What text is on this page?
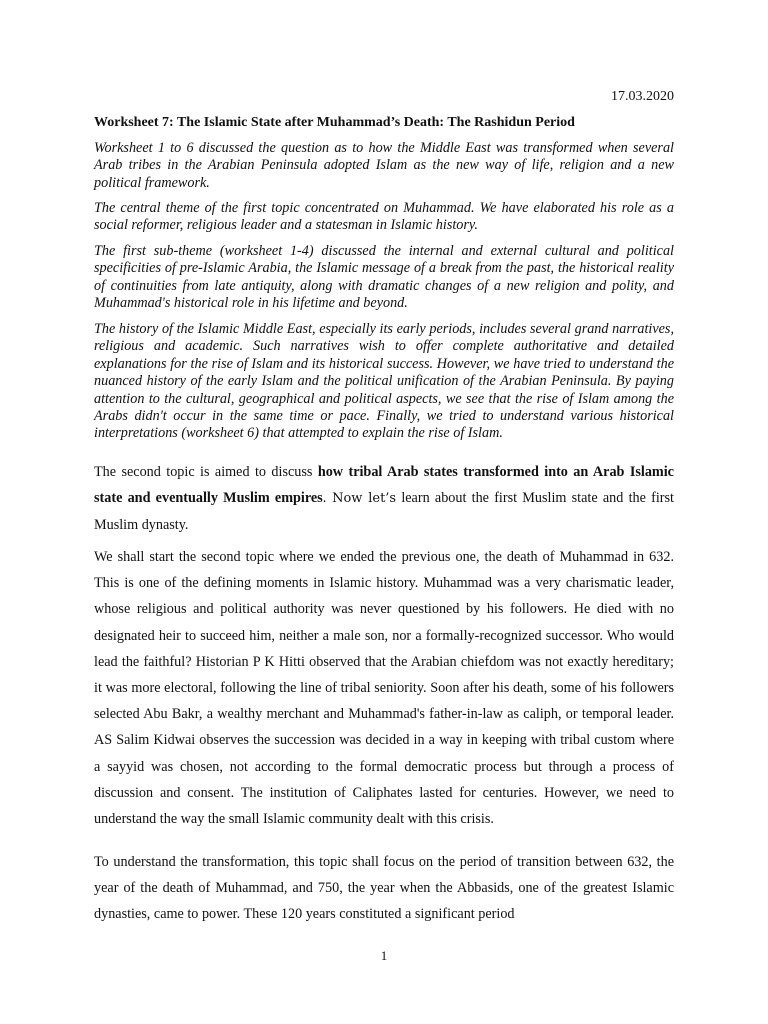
Worksheet 7: The Islamic State after Muhammad’s Death: The Rashidun Period

Worksheet 1 to 6 discussed the question as to how the Middle East was transformed when several Arab tribes in the Arabian Peninsula adopted Islam as the new way of life, religion and a new political framework.

The central theme of the first topic concentrated on Muhammad. We have elaborated his role as a social reformer, religious leader and a statesman in Islamic history.

The first sub-theme (worksheet 1-4) discussed the internal and external cultural and political specificities of pre-Islamic Arabia, the Islamic message of a break from the past, the historical reality of continuities from late antiquity, along with dramatic changes of a new religion and polity, and Muhammad's historical role in his lifetime and beyond.

The history of the Islamic Middle East, especially its early periods, includes several grand narratives, religious and academic. Such narratives wish to offer complete authoritative and detailed explanations for the rise of Islam and its historical success. However, we have tried to understand the nuanced history of the early Islam and the political unification of the Arabian Peninsula. By paying attention to the cultural, geographical and political aspects, we see that the rise of Islam among the Arabs didn't occur in the same time or pace. Finally, we tried to understand various historical interpretations (worksheet 6) that attempted to explain the rise of Islam.

The second topic is aimed to discuss how tribal Arab states transformed into an Arab Islamic state and eventually Muslim empires. Now let’s learn about the first Muslim state and the first Muslim dynasty.

We shall start the second topic where we ended the previous one, the death of Muhammad in 632. This is one of the defining moments in Islamic history. Muhammad was a very charismatic leader, whose religious and political authority was never questioned by his followers. He died with no designated heir to succeed him, neither a male son, nor a formally-recognized successor. Who would lead the faithful? Historian P K Hitti observed that the Arabian chiefdom was not exactly hereditary; it was more electoral, following the line of tribal seniority. Soon after his death, some of his followers selected Abu Bakr, a wealthy merchant and Muhammad's father-in-law as caliph, or temporal leader. AS Salim Kidwai observes the succession was decided in a way in keeping with tribal custom where a sayyid was chosen, not according to the formal democratic process but through a process of discussion and consent. The institution of Caliphates lasted for centuries. However, we need to understand the way the small Islamic community dealt with this crisis.

To understand the transformation, this topic shall focus on the period of transition between 632, the year of the death of Muhammad, and 750, the year when the Abbasids, one of the greatest Islamic dynasties, came to power. These 120 years constituted a significant period

17.03.2020
1
